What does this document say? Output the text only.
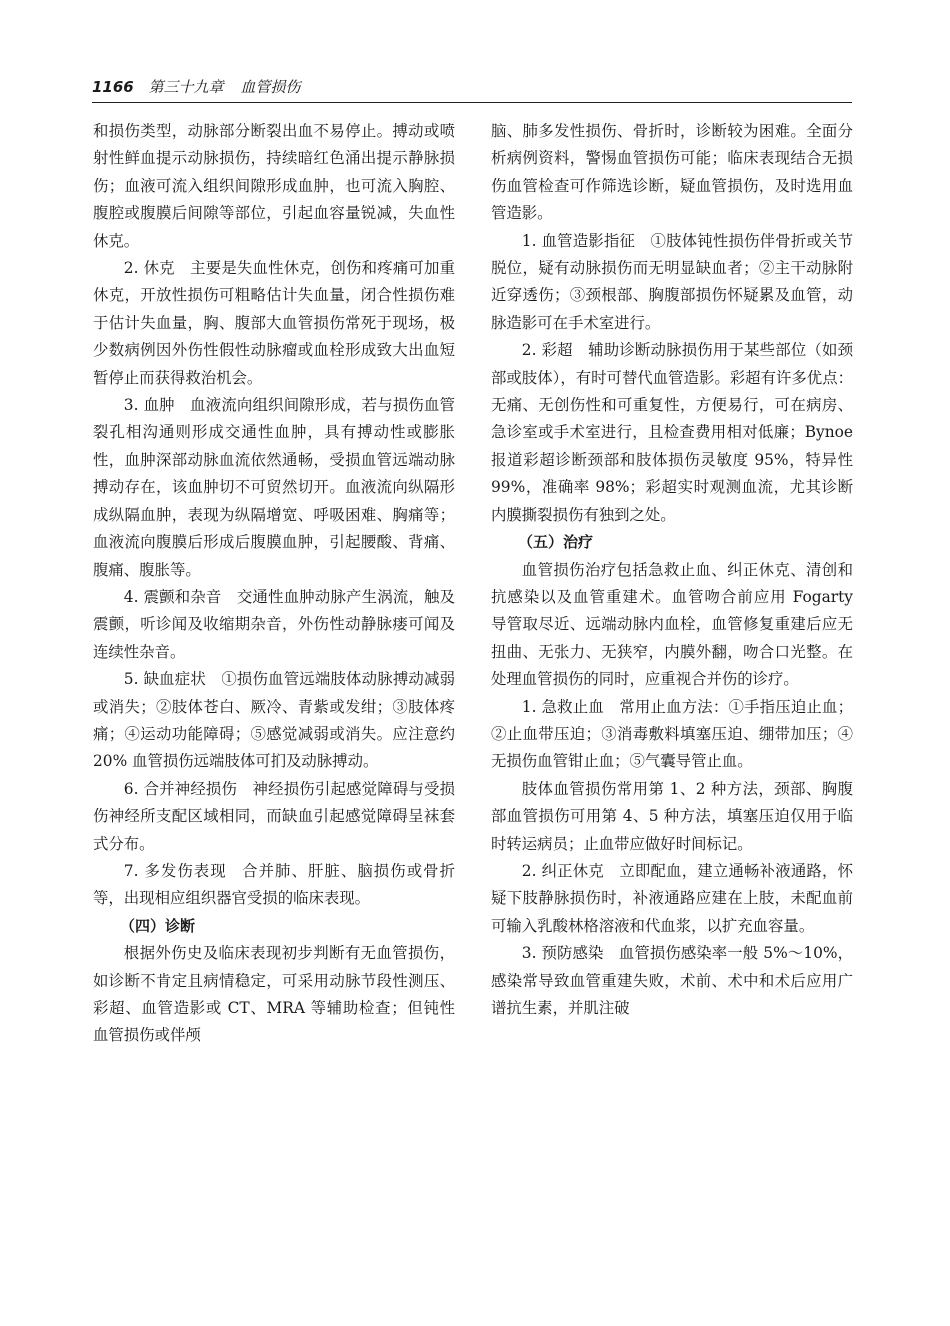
1166 第三十九章 血管损伤

和损伤类型，动脉部分断裂出血不易停止。搏动或喷射性鲜血提示动脉损伤，持续暗红色涌出提示静脉损伤；血液可流入组织间隙形成血肿，也可流入胸腔、腹腔或腹膜后间隙等部位，引起血容量锐减，失血性休克。

2. 休克 主要是失血性休克，创伤和疼痛可加重休克，开放性损伤可粗略估计失血量，闭合性损伤难于估计失血量，胸、腹部大血管损伤常死于现场，极少数病例因外伤性假性动脉瘤或血栓形成致大出血短暂停止而获得救治机会。

3. 血肿 血液流向组织间隙形成，若与损伤血管裂孔相沟通则形成交通性血肿，具有搏动性或膨胀性，血肿深部动脉血流依然通畅，受损血管远端动脉搏动存在，该血肿切不可贸然切开。血液流向纵隔形成纵隔血肿，表现为纵隔增宽、呼吸困难、胸痛等；血液流向腹膜后形成后腹膜血肿，引起腰酸、背痛、腹痛、腹胀等。

4. 震颤和杂音 交通性血肿动脉产生涡流，触及震颤，听诊闻及收缩期杂音，外伤性动静脉瘘可闻及连续性杂音。

5. 缺血症状 ①损伤血管远端肢体动脉搏动减弱或消失；②肢体苍白、厥冷、青紫或发绀；③肢体疼痛；④运动功能障碍；⑤感觉减弱或消失。应注意约 20% 血管损伤远端肢体可扪及动脉搏动。

6. 合并神经损伤 神经损伤引起感觉障碍与受损伤神经所支配区域相同，而缺血引起感觉障碍呈袜套式分布。

7. 多发伤表现 合并肺、肝脏、脑损伤或骨折等，出现相应组织器官受损的临床表现。

（四）诊断

根据外伤史及临床表现初步判断有无血管损伤，如诊断不肯定且病情稳定，可采用动脉节段性测压、彩超、血管造影或 CT、MRA 等辅助检查；但钝性血管损伤或伴颅

脑、肺多发性损伤、骨折时，诊断较为困难。全面分析病例资料，警惕血管损伤可能；临床表现结合无损伤血管检查可作筛选诊断，疑血管损伤，及时选用血管造影。

1. 血管造影指征 ①肢体钝性损伤伴骨折或关节脱位，疑有动脉损伤而无明显缺血者；②主干动脉附近穿透伤；③颈根部、胸腹部损伤怀疑累及血管，动脉造影可在手术室进行。

2. 彩超 辅助诊断动脉损伤用于某些部位（如颈部或肢体），有时可替代血管造影。彩超有许多优点：无痛、无创伤性和可重复性，方便易行，可在病房、急诊室或手术室进行，且检查费用相对低廉；Bynoe 报道彩超诊断颈部和肢体损伤灵敏度 95%，特异性 99%，准确率 98%；彩超实时观测血流，尤其诊断内膜撕裂损伤有独到之处。

（五）治疗

血管损伤治疗包括急救止血、纠正休克、清创和抗感染以及血管重建术。血管吻合前应用 Fogarty 导管取尽近、远端动脉内血栓，血管修复重建后应无扭曲、无张力、无狭窄，内膜外翻，吻合口光整。在处理血管损伤的同时，应重视合并伤的诊疗。

1. 急救止血 常用止血方法：①手指压迫止血；②止血带压迫；③消毒敷料填塞压迫、绷带加压；④无损伤血管钳止血；⑤气囊导管止血。

肢体血管损伤常用第 1、2 种方法，颈部、胸腹部血管损伤可用第 4、5 种方法，填塞压迫仅用于临时转运病员；止血带应做好时间标记。

2. 纠正休克 立即配血，建立通畅补液通路，怀疑下肢静脉损伤时，补液通路应建在上肢，未配血前可输入乳酸林格溶液和代血浆，以扩充血容量。

3. 预防感染 血管损伤感染率一般 5%～10%，感染常导致血管重建失败，术前、术中和术后应用广谱抗生素，并肌注破
